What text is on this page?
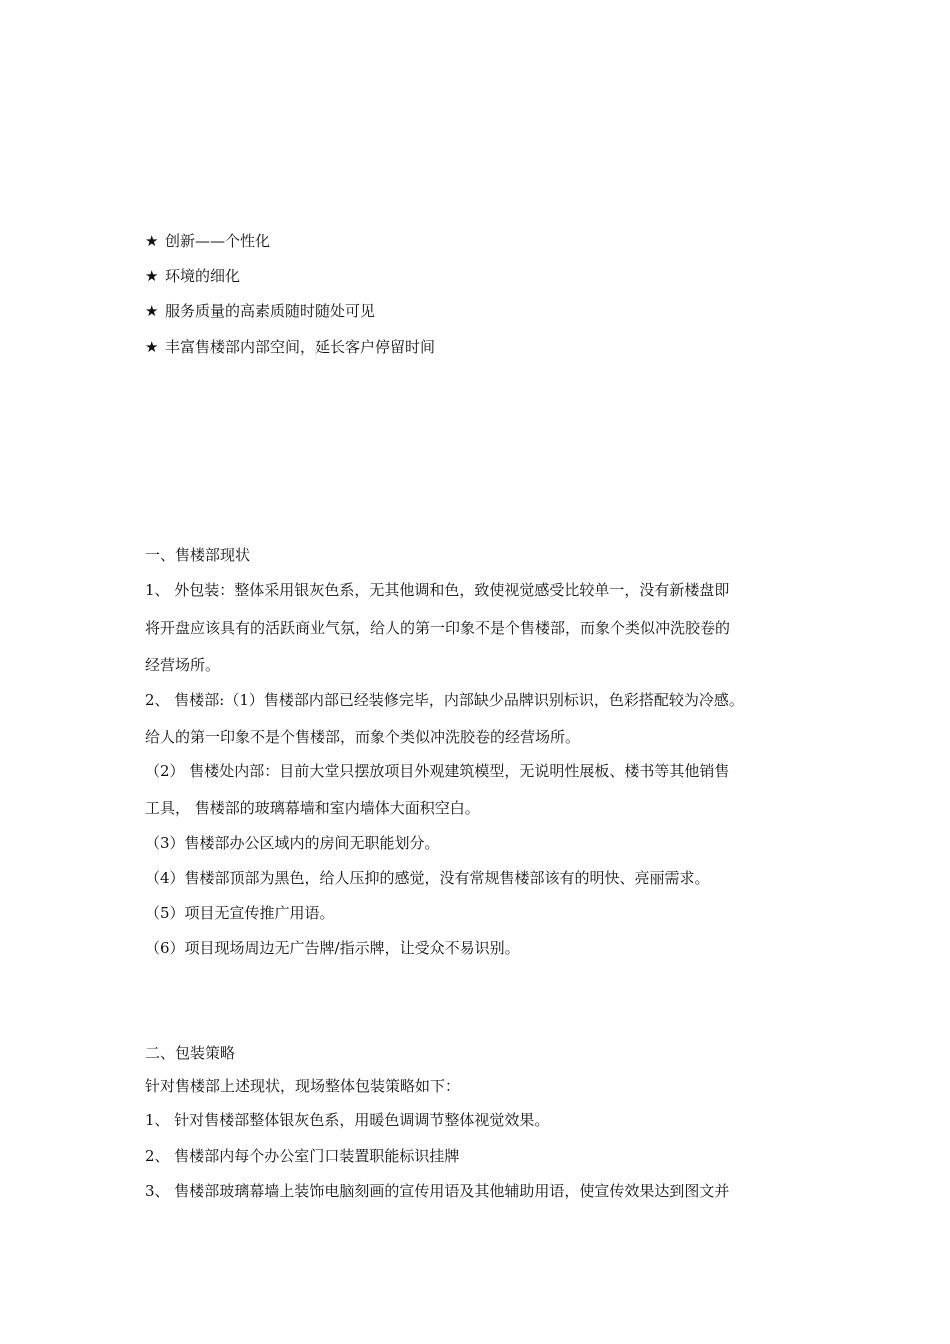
★ 创新——个性化
★ 环境的细化
★ 服务质量的高素质随时随处可见
★ 丰富售楼部内部空间，延长客户停留时间
一、售楼部现状
1、 外包装：整体采用银灰色系，无其他调和色，致使视觉感受比较单一，没有新楼盘即
将开盘应该具有的活跃商业气氛，给人的第一印象不是个售楼部，而象个类似冲洗胶卷的
经营场所。
2、 售楼部:（1）售楼部内部已经装修完毕，内部缺少品牌识别标识，色彩搭配较为冷感。
给人的第一印象不是个售楼部，而象个类似冲洗胶卷的经营场所。
（2） 售楼处内部：目前大堂只摆放项目外观建筑模型，无说明性展板、楼书等其他销售
工具， 售楼部的玻璃幕墙和室内墙体大面积空白。
（3）售楼部办公区域内的房间无职能划分。
（4）售楼部顶部为黑色，给人压抑的感觉，没有常规售楼部该有的明快、亮丽需求。
（5）项目无宣传推广用语。
（6）项目现场周边无广告牌/指示牌，让受众不易识别。
二、包装策略
针对售楼部上述现状，现场整体包装策略如下：
1、 针对售楼部整体银灰色系，用暖色调调节整体视觉效果。
2、 售楼部内每个办公室门口装置职能标识挂牌
3、 售楼部玻璃幕墙上装饰电脑刻画的宣传用语及其他辅助用语，使宣传效果达到图文并
